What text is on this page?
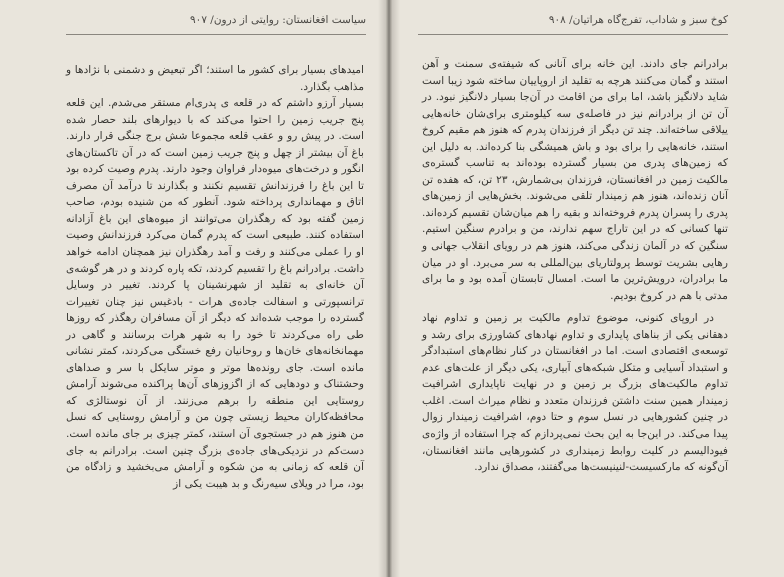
سیاست افغانستان: روایتی از درون/ ۹۰۷

امیدهای بسیار برای کشور ما استند؛ اگر تبعیض و دشمنی با نژادها و مذاهب بگذارد.

بسیار آرزو داشتم که در قلعه ی پدری‌ام مستقر می‌شدم. این قلعه پنج جریب زمین را احتوا می‌کند که با دیوارهای بلند حصار شده است. در پیش رو و عقب قلعه مجموعا شش برج جنگی قرار دارند. باغ آن بیشتر از چهل و پنج جریب زمین است که در آن تاکستان‌های انگور و درخت‌های میوه‌دار فراوان وجود دارند. پدرم وصیت کرده بود تا این باغ را فرزندانش تقسیم نکنند و بگذارند تا درآمد آن مصرف اتاق و مهمانداری پرداخته شود. آنطور که من شنیده بودم، صاحب زمین گفته بود که رهگذران می‌توانند از میوه‌های این باغ آزادانه استفاده کنند. طبیعی است که پدرم گمان می‌کرد فرزندانش وصیت او را عملی می‌کنند و رفت و آمد رهگذران نیز همچنان ادامه خواهد داشت. برادرانم باغ را تقسیم کردند، تکه پاره کردند و در هر گوشه‌ی آن خانه‌ای به تقلید از شهرنشینان پا کردند. تغییر در وسایل ترانسپورتی و اسفالت جاده‌ی هرات - بادغیس نیز چنان تغییرات گسترده را موجب شده‌اند که دیگر از آن مسافران رهگذر که روزها طی راه می‌کردند تا خود را به شهر هرات برسانند و گاهی در مهمانخانه‌های خان‌ها و روحانیان رفع خستگی می‌کردند، کمتر نشانی مانده است. جای رونده‌ها موتر و موتر سایکل با سر و صداهای وحشتناک و دودهایی که از اگزوزهای آن‌ها پراکنده می‌شوند آرامش روستایی این منطقه را برهم می‌زنند. از آن نوستالژی که محافظه‌کاران محیط زیستی چون من و آرامش روستایی که نسل من هنوز هم در جستجوی آن استند، کمتر چیزی بر جای مانده است. دست‌کم در نزدیکی‌های جاده‌ی بزرگ چنین است. برادرانم به جای آن قلعه که زمانی به من شکوه و آرامش می‌بخشید و زادگاه من بود، مرا در ویلای سیه‌رنگ و بد هیبت یکی از

کوخ سبز و شاداب، تفرج‌گاه هراتیان/ ۹۰۸

برادرانم جای دادند. این خانه برای آنانی که شیفته‌ی سمنت و آهن استند و گمان می‌کنند هرچه به تقلید از اروپاییان ساخته شود زیبا است شاید دلانگیز باشد، اما برای من اقامت در آن‌جا بسیار دلانگیز نبود. در آن تن از برادرانم نیز در فاصله‌ی سه کیلومتری برای‌شان خانه‌هایی ییلاقی ساخته‌اند. چند تن دیگر از فرزندان پدرم که هنوز هم مقیم کروخ استند، خانه‌هایی را برای بود و باش همیشگی بنا کرده‌اند. به دلیل این که زمین‌های پدری من بسیار گسترده بوده‌اند به تناسب گستره‌ی مالکیت زمین در افغانستان، فرزندان بی‌شمارش، ۲۳ تن، که هفده تن آنان زنده‌اند، هنوز هم زمیندار تلقی می‌شوند. بخش‌هایی از زمین‌های پدری را پسران پدرم فروخته‌اند و بقیه را هم میان‌شان تقسیم کرده‌اند. تنها کسانی که در این تاراج سهم ندارند، من و برادرم سنگین استیم. سنگین که در آلمان زندگی می‌کند، هنوز هم در رویای انقلاب جهانی و رهایی بشریت توسط پرولتاریای بین‌المللی به سر می‌برد. او در میان ما برادران، درویش‌ترین ما است. امسال تابستان آمده بود و ما برای مدتی با هم در کروخ بودیم.

در اروپای کنونی، موضوع تداوم مالکیت بر زمین و تداوم نهاد دهقانی یکی از بناهای پایداری و تداوم نهادهای کشاورزی برای رشد و توسعه‌ی اقتصادی است. اما در افغانستان در کنار نظام‌های استبدادگر و استبداد آسیایی و متکل شبکه‌های آبیاری، یکی دیگر از علت‌های عدم تداوم مالکیت‌های بزرگ بر زمین و در نهایت ناپایداری اشرافیت زمیندار همین سنت داشتن فرزندان متعدد و نظام میراث است. اغلب در چنین کشورهایی در نسل سوم و حتا دوم، اشرافیت زمیندار زوال پیدا می‌کند. در این‌جا به این بحث نمی‌پردازم که چرا استفاده از واژه‌ی فیودالیسم در کلیت روابط زمینداری در کشورهایی مانند افغانستان، آن‌گونه که مارکسیست-لنینیست‌ها می‌گفتند، مصداق ندارد.
